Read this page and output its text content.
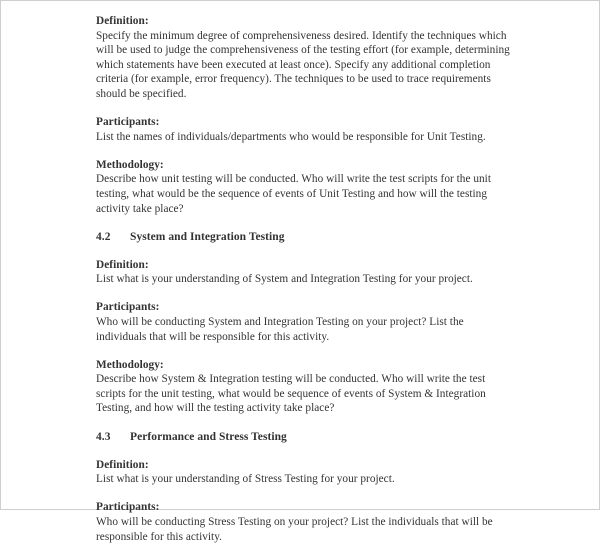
Definition:
Specify the minimum degree of comprehensiveness desired. Identify the techniques which will be used to judge the comprehensiveness of the testing effort (for example, determining which statements have been executed at least once). Specify any additional completion criteria (for example, error frequency). The techniques to be used to trace requirements should be specified.
Participants:
List the names of individuals/departments who would be responsible for Unit Testing.
Methodology:
Describe how unit testing will be conducted. Who will write the test scripts for the unit testing, what would be the sequence of events of Unit Testing and how will the testing activity take place?
4.2	System and Integration Testing
Definition:
List what is your understanding of System and Integration Testing for your project.
Participants:
Who will be conducting System and Integration Testing on your project? List the individuals that will be responsible for this activity.
Methodology:
Describe how System & Integration testing will be conducted. Who will write the test scripts for the unit testing, what would be sequence of events of System & Integration Testing, and how will the testing activity take place?
4.3	Performance and Stress Testing
Definition:
List what is your understanding of Stress Testing for your project.
Participants:
Who will be conducting Stress Testing on your project? List the individuals that will be responsible for this activity.
